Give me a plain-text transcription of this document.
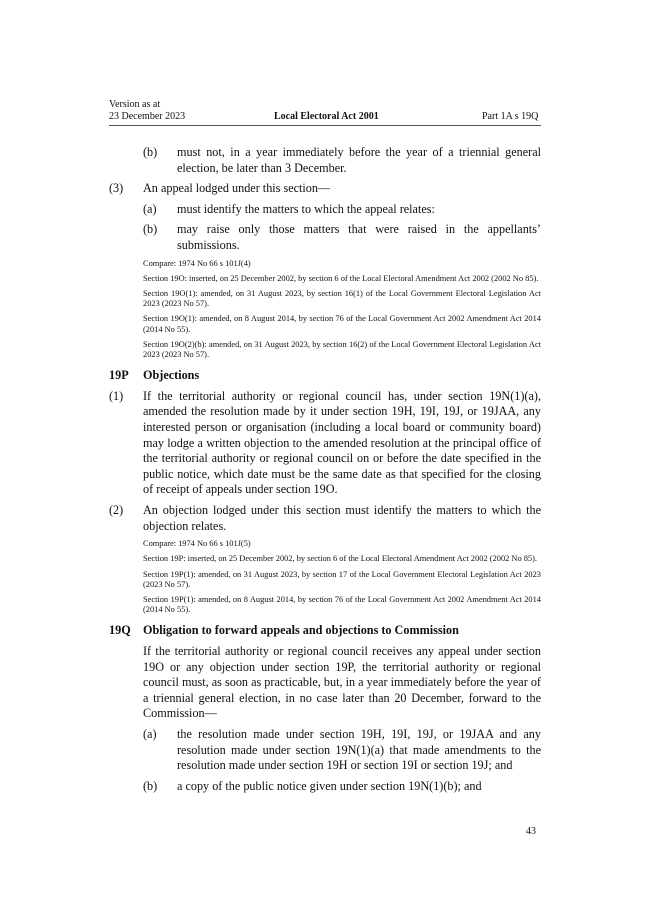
Version as at
23 December 2023	Local Electoral Act 2001	Part 1A s 19Q
(b)	must not, in a year immediately before the year of a triennial general election, be later than 3 December.
(3)	An appeal lodged under this section—
(a)	must identify the matters to which the appeal relates:
(b)	may raise only those matters that were raised in the appellants’ submissions.

Compare: 1974 No 66 s 101J(4)

Section 19O: inserted, on 25 December 2002, by section 6 of the Local Electoral Amendment Act 2002 (2002 No 85).

Section 19O(1): amended, on 31 August 2023, by section 16(1) of the Local Government Electoral Legislation Act 2023 (2023 No 57).

Section 19O(1): amended, on 8 August 2014, by section 76 of the Local Government Act 2002 Amendment Act 2014 (2014 No 55).

Section 19O(2)(b): amended, on 31 August 2023, by section 16(2) of the Local Government Electoral Legislation Act 2023 (2023 No 57).

19P	Objections
(1)	If the territorial authority or regional council has, under section 19N(1)(a), amended the resolution made by it under section 19H, 19I, 19J, or 19JAA, any interested person or organisation (including a local board or community board) may lodge a written objection to the amended resolution at the principal office of the territorial authority or regional council on or before the date specified in the public notice, which date must be the same date as that specified for the closing of receipt of appeals under section 19O.
(2)	An objection lodged under this section must identify the matters to which the objection relates.

Compare: 1974 No 66 s 101J(5)

Section 19P: inserted, on 25 December 2002, by section 6 of the Local Electoral Amendment Act 2002 (2002 No 85).

Section 19P(1): amended, on 31 August 2023, by section 17 of the Local Government Electoral Legislation Act 2023 (2023 No 57).

Section 19P(1): amended, on 8 August 2014, by section 76 of the Local Government Act 2002 Amendment Act 2014 (2014 No 55).

19Q	Obligation to forward appeals and objections to Commission

If the territorial authority or regional council receives any appeal under section 19O or any objection under section 19P, the territorial authority or regional council must, as soon as practicable, but, in a year immediately before the year of a triennial general election, in no case later than 20 December, forward to the Commission—

(a)	the resolution made under section 19H, 19I, 19J, or 19JAA and any resolution made under section 19N(1)(a) that made amendments to the resolution made under section 19H or section 19I or section 19J; and
(b)	a copy of the public notice given under section 19N(1)(b); and
43
